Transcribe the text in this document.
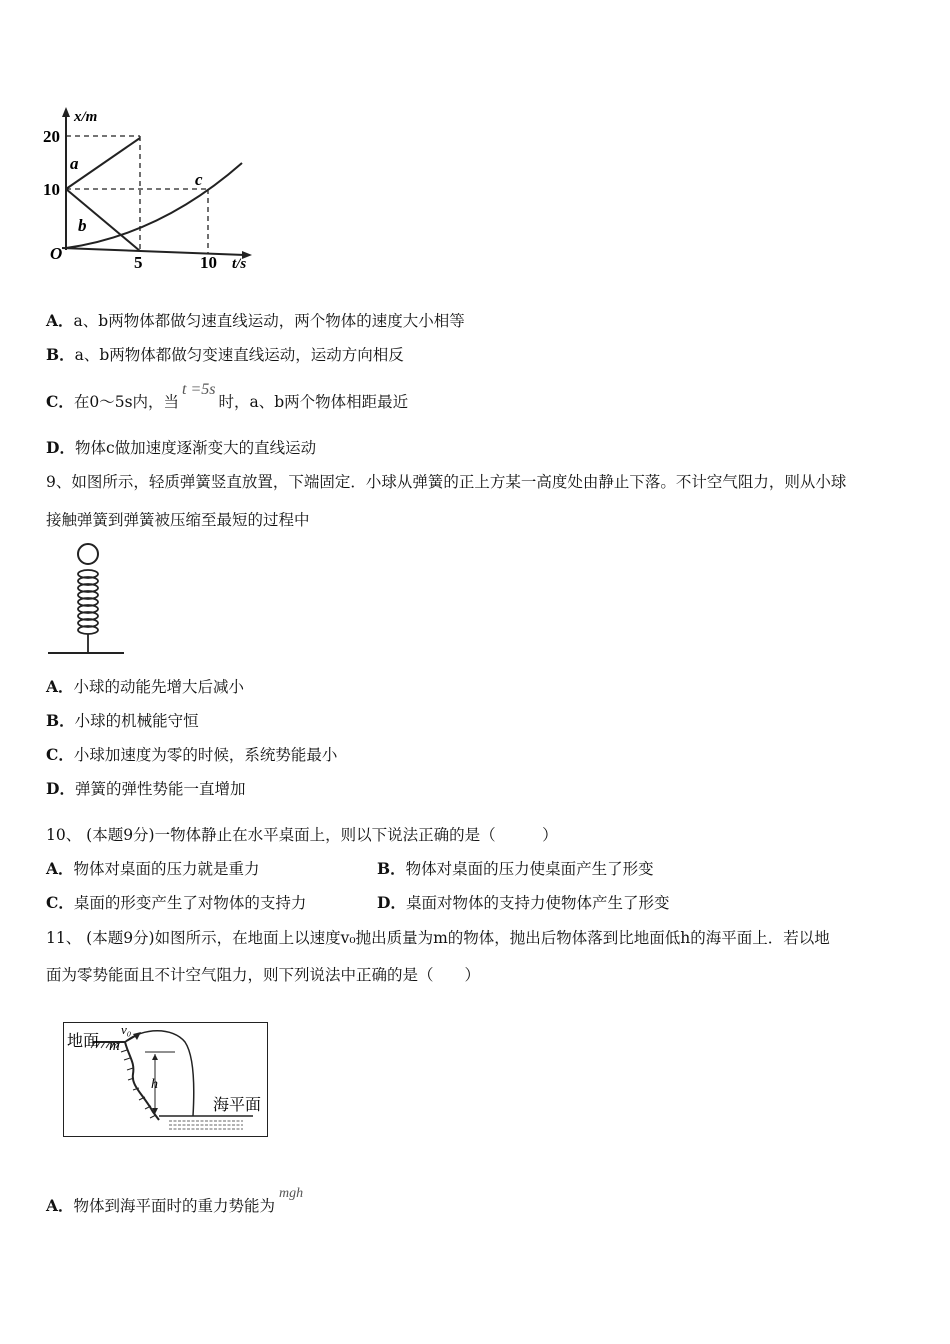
x/m
20
10
O	5	10 t/s
a
b
c
A．a、b两物体都做匀速直线运动，两个物体的速度大小相等
B．a、b两物体都做匀变速直线运动，运动方向相反
C．在0～5s内，当t =5s时，a、b两个物体相距最近
D．物体c做加速度逐渐变大的直线运动
9、如图所示，轻质弹簧竖直放置，下端固定．小球从弹簧的正上方某一高度处由静止下落。不计空气阻力，则从小球
接触弹簧到弹簧被压缩至最短的过程中
A．小球的动能先增大后减小
B．小球的机械能守恒
C．小球加速度为零的时候，系统势能最小
D．弹簧的弹性势能一直增加
10、 (本题9分)一物体静止在水平桌面上，则以下说法正确的是（　　　）
A．物体对桌面的压力就是重力	B．物体对桌面的压力使桌面产生了形变
C．桌面的形变产生了对物体的支持力	D．桌面对物体的支持力使物体产生了形变
11、 (本题9分)如图所示，在地面上以速度v₀抛出质量为m的物体，抛出后物体落到比地面低h的海平面上．若以地
面为零势能面且不计空气阻力，则下列说法中正确的是（　　）
地面 m
v₀
h
海平面
A．物体到海平面时的重力势能为mgh
